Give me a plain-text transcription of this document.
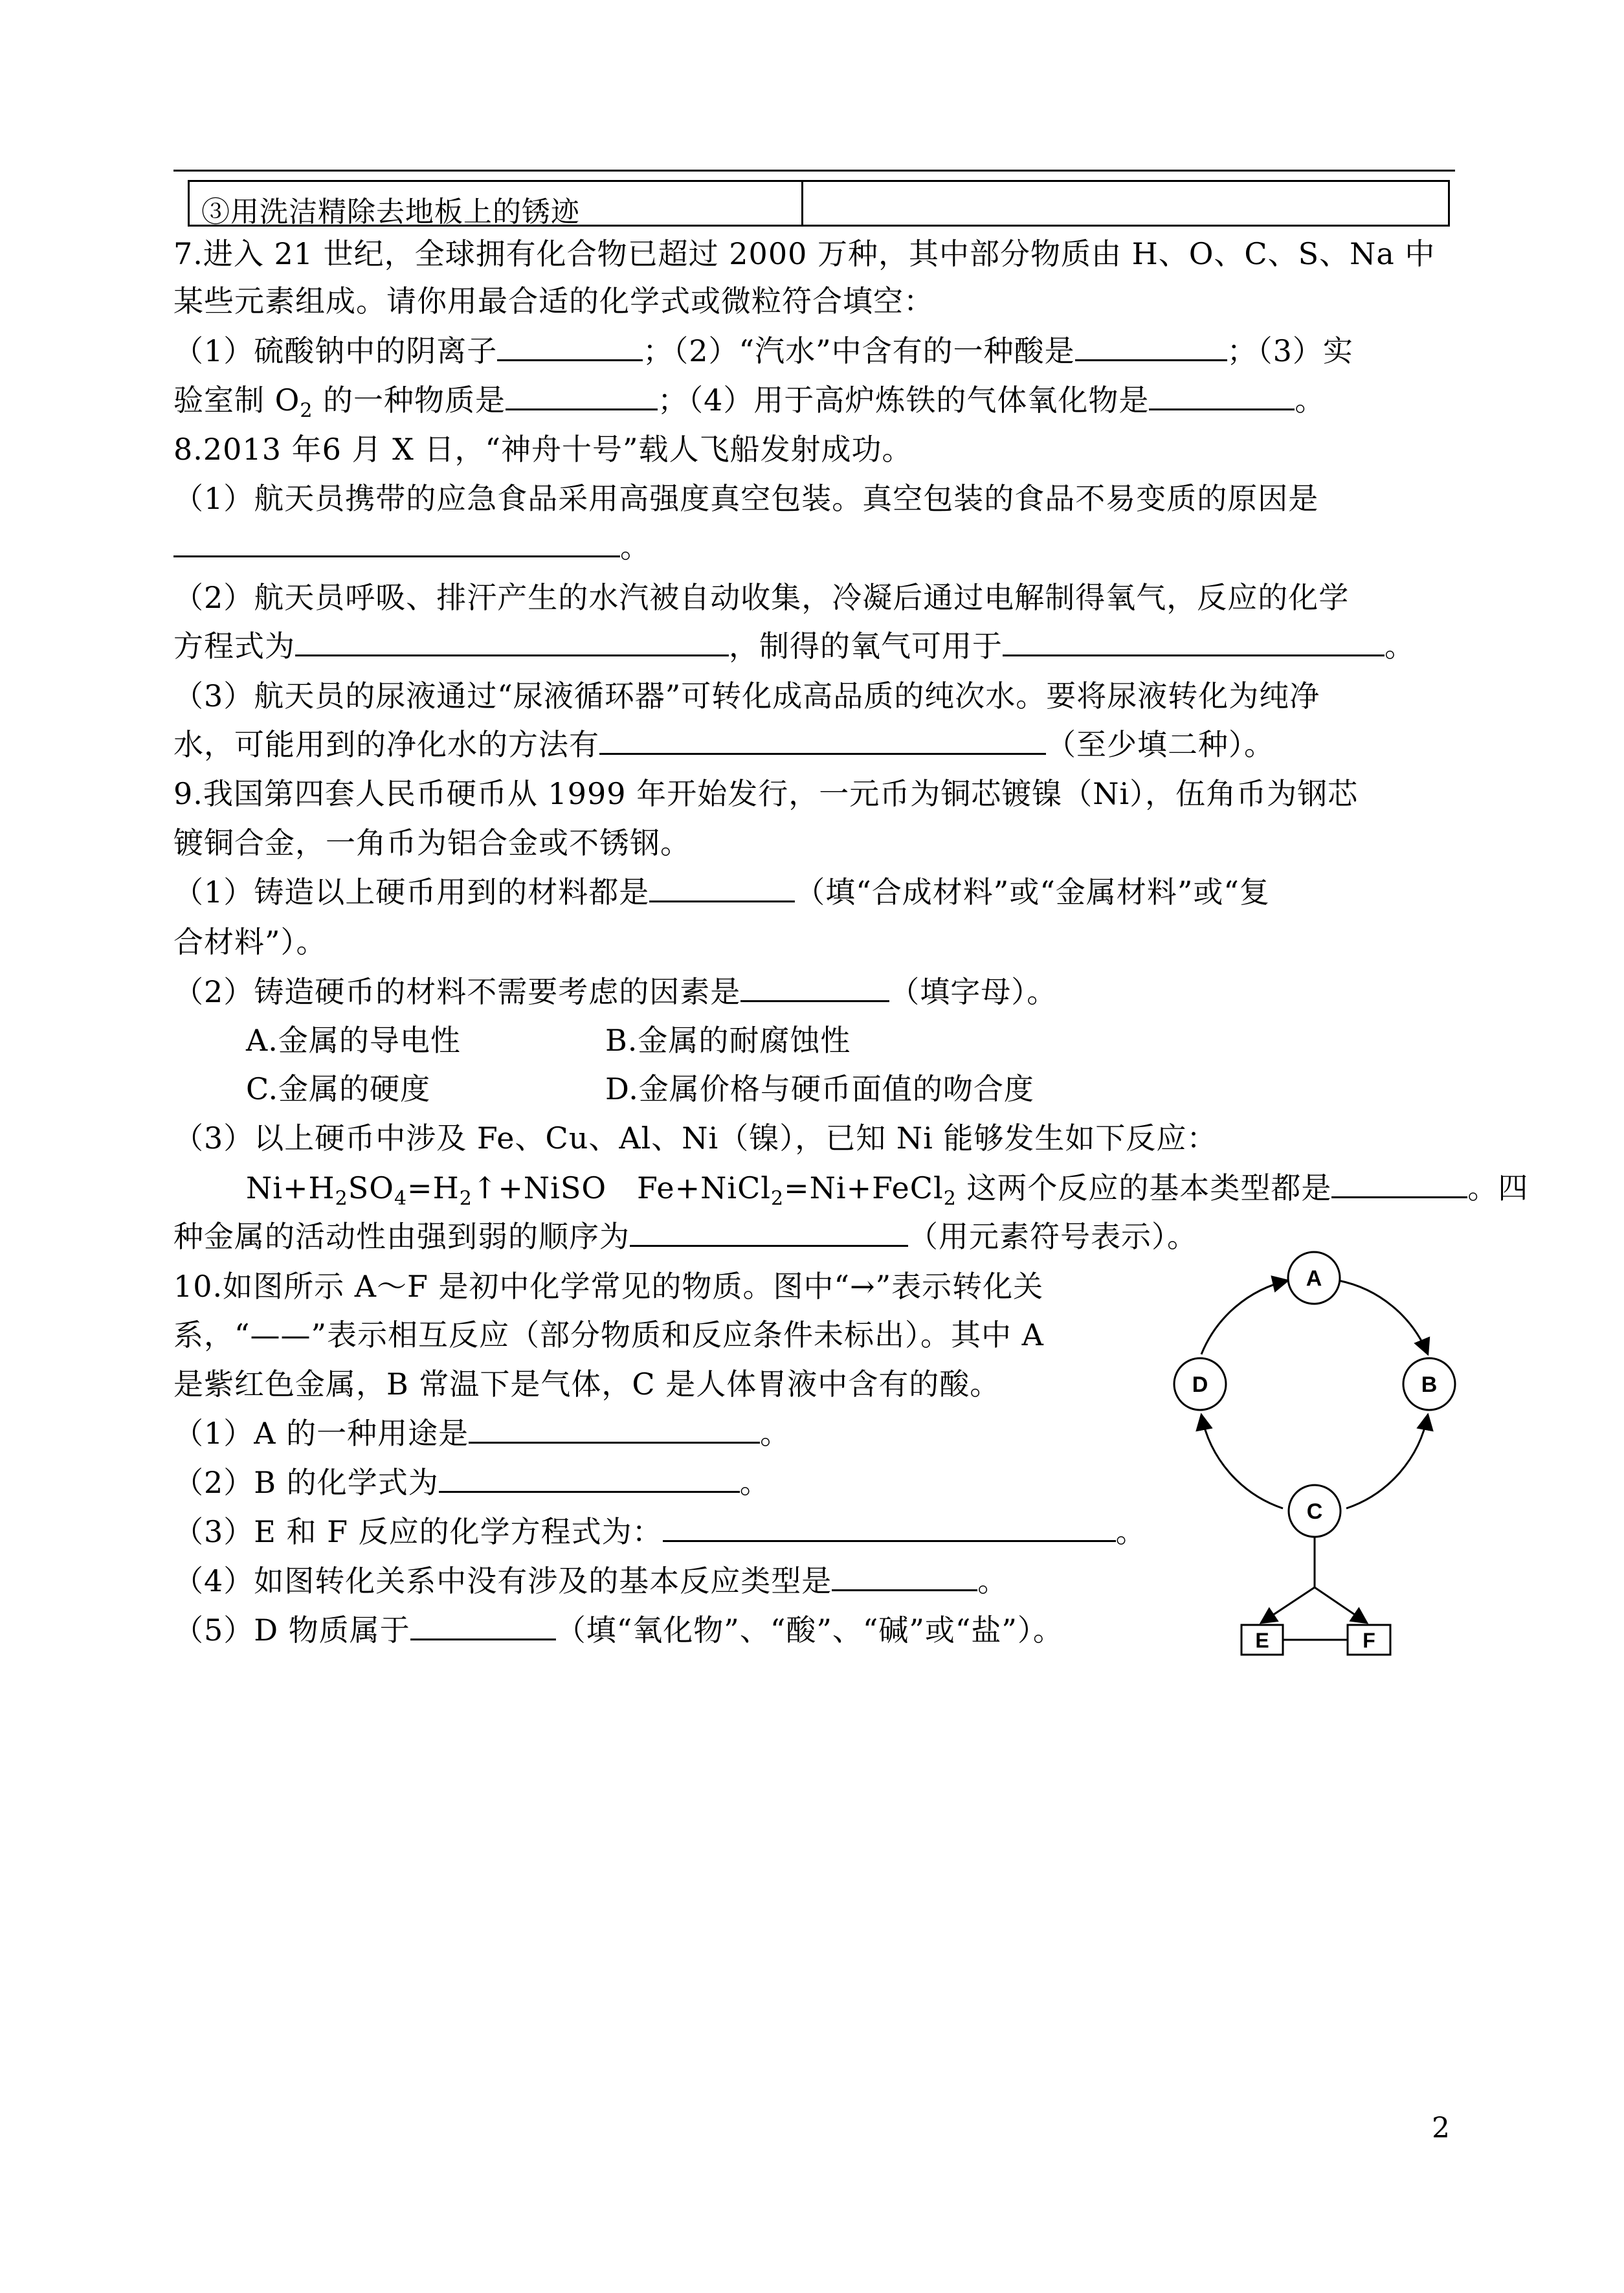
③用洗洁精除去地板上的锈迹
7.进入 21 世纪，全球拥有化合物已超过 2000 万种，其中部分物质由 H、O、C、S、Na 中
某些元素组成。请你用最合适的化学式或微粒符合填空：
（1）硫酸钠中的阴离子	；（2）“汽水”中含有的一种酸是	；（3）实
验室制 $O_2$ 的一种物质是	；（4）用于高炉炼铁的气体氧化物是	。
8.2013 年6 月 X 日，“神舟十号”载人飞船发射成功。
（1）航天员携带的应急食品采用高强度真空包装。真空包装的食品不易变质的原因是
。
（2）航天员呼吸、排汗产生的水汽被自动收集，冷凝后通过电解制得氧气，反应的化学
方程式为	，制得的氧气可用于	。
（3）航天员的尿液通过“尿液循环器”可转化成高品质的纯次水。要将尿液转化为纯净
水，可能用到的净化水的方法有	（至少填二种）。
9.我国第四套人民币硬币从 1999 年开始发行，一元币为铜芯镀镍（Ni），伍角币为钢芯
镀铜合金，一角币为铝合金或不锈钢。
（1）铸造以上硬币用到的材料都是	（填“合成材料”或“金属材料”或“复
合材料”）。
（2）铸造硬币的材料不需要考虑的因素是	（填字母）。
A.金属的导电性	B.金属的耐腐蚀性
C.金属的硬度	D.金属价格与硬币面值的吻合度
（3）以上硬币中涉及 Fe、Cu、Al、Ni（镍），已知 Ni 能够发生如下反应：
$Ni+H_2SO_4=H_2↑+NiSO$   Fe+NiCl$_2$=Ni+FeCl$_2$ 这两个反应的基本类型都是	。四
种金属的活动性由强到弱的顺序为	（用元素符号表示）。
10.如图所示 A～F 是初中化学常见的物质。图中“→”表示转化关
系，“——”表示相互反应（部分物质和反应条件未标出）。其中 A
是紫红色金属，B 常温下是气体，C 是人体胃液中含有的酸。
（1）A 的一种用途是	。
（2）B 的化学式为	。
（3）E 和 F 反应的化学方程式为：	。
（4）如图转化关系中没有涉及的基本反应类型是	。
（5）D 物质属于	（填“氧化物”、“酸”、“碱”或“盐”）。
A
B
C
D
E	F
2
